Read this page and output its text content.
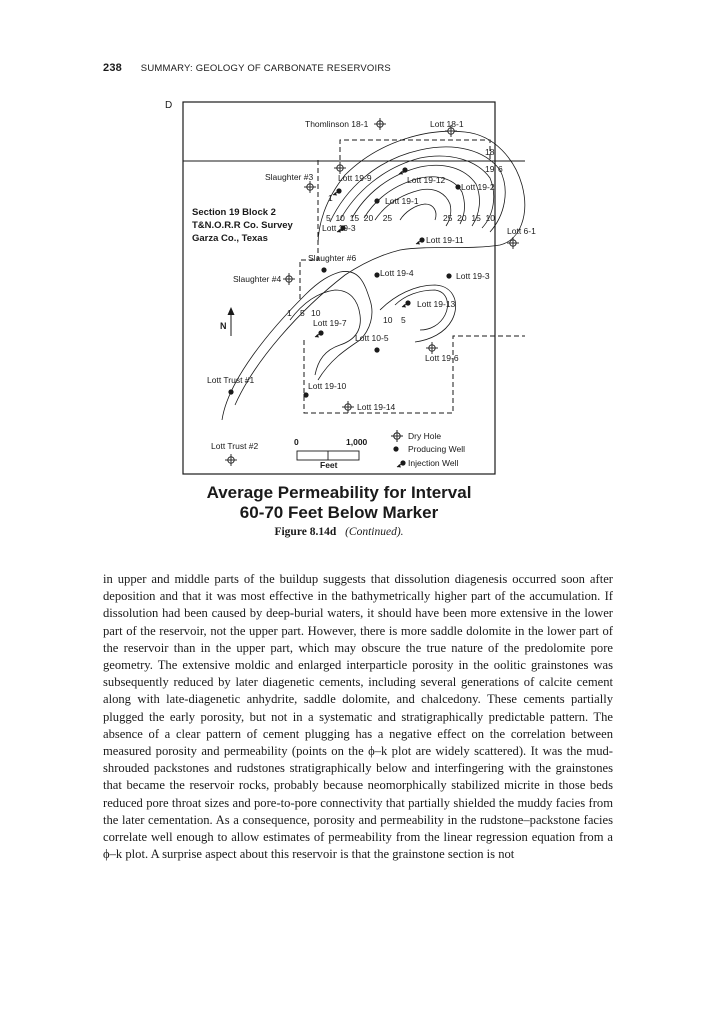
238 SUMMARY: GEOLOGY OF CARBONATE RESERVOIRS
D
Thomlinson 18-1	Lott 18-1
Slaughter #3	Lott 19-9	Lott 19-12
Lott 19-2
Lott 19-1
Lott 19-3
Lott 19-11
Lott 6-1
Slaughter #6
Slaughter #4
Lott 19-4	Lott 19-3
Lott 19-13
Lott 19-7
Lott 10-5
Lott 19-6
Lott Trust #1
Lott 19-10
Lott 19-14
Lott Trust #2
18
19 6
1
5  10  15  20    25	25  20  15  10
1 5 10
10 5
Section 19 Block 2
T&N.O.R.R Co. Survey
Garza Co., Texas
N
0	1,000
Feet
Dry Hole
Producing Well
Injection Well
Average Permeability for Interval
60-70 Feet Below Marker
Figure 8.14d (Continued).

in upper and middle parts of the buildup suggests that dissolution diagenesis occurred soon after deposition and that it was most effective in the bathymetrically higher part of the accumulation. If dissolution had been caused by deep-burial waters, it should have been more extensive in the lower part of the reservoir, not the upper part. However, there is more saddle dolomite in the lower part of the reservoir than in the upper part, which may obscure the true nature of the predolomite pore geometry. The extensive moldic and enlarged interparticle porosity in the oolitic grainstones was subsequently reduced by later diagenetic cements, including several generations of calcite cement along with late-diagenetic anhydrite, saddle dolomite, and chalcedony. These cements partially plugged the early porosity, but not in a systematic and stratigraphically predictable pattern. The absence of a clear pattern of cement plugging has a negative effect on the correlation between measured porosity and permeability (points on the ϕ–k plot are widely scattered). It was the mud-shrouded packstones and rudstones stratigraphically below and interfingering with the grainstones that became the reservoir rocks, probably because neomorphically stabilized micrite in those beds reduced pore throat sizes and pore-to-pore connectivity that partially shielded the muddy facies from the later cementation. As a consequence, porosity and permeability in the rudstone–packstone facies correlate well enough to allow estimates of permeability from the linear regression equation from a ϕ–k plot. A surprise aspect about this reservoir is that the grainstone section is not
